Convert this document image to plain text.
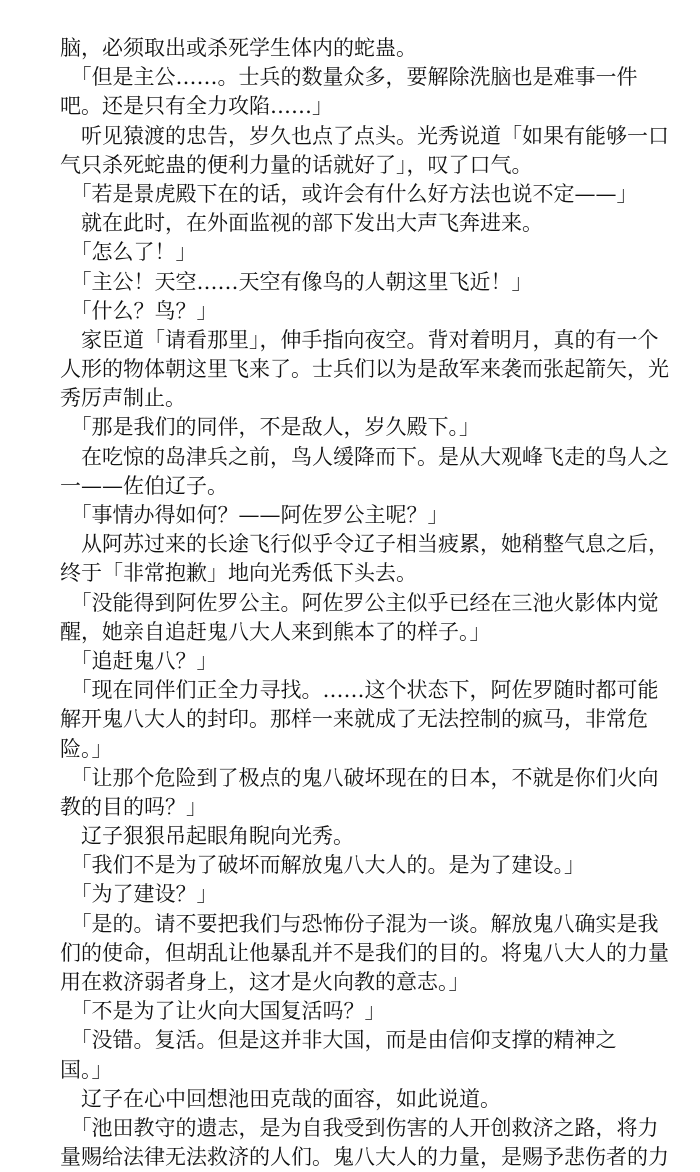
脑，必须取出或杀死学生体内的蛇蛊。
　「但是主公……。士兵的数量众多，要解除洗脑也是难事一件
吧。还是只有全力攻陷……」
　听见猿渡的忠告，岁久也点了点头。光秀说道「如果有能够一口
气只杀死蛇蛊的便利力量的话就好了」，叹了口气。
　「若是景虎殿下在的话，或许会有什么好方法也说不定——」
　就在此时，在外面监视的部下发出大声飞奔进来。
　「怎么了！」
　「主公！天空……天空有像鸟的人朝这里飞近！」
　「什么？鸟？」
　家臣道「请看那里」，伸手指向夜空。背对着明月，真的有一个
人形的物体朝这里飞来了。士兵们以为是敌军来袭而张起箭矢，光
秀厉声制止。
　「那是我们的同伴，不是敌人，岁久殿下。」
　在吃惊的岛津兵之前，鸟人缓降而下。是从大观峰飞走的鸟人之
一——佐伯辽子。
　「事情办得如何？——阿佐罗公主呢？」
　从阿苏过来的长途飞行似乎令辽子相当疲累，她稍整气息之后，
终于「非常抱歉」地向光秀低下头去。
　「没能得到阿佐罗公主。阿佐罗公主似乎已经在三池火影体内觉
醒，她亲自追赶鬼八大人来到熊本了的样子。」
　「追赶鬼八？」
　「现在同伴们正全力寻找。……这个状态下，阿佐罗随时都可能
解开鬼八大人的封印。那样一来就成了无法控制的疯马，非常危
险。」
　「让那个危险到了极点的鬼八破坏现在的日本，不就是你们火向
教的目的吗？」
　辽子狠狠吊起眼角睨向光秀。
　「我们不是为了破坏而解放鬼八大人的。是为了建设。」
　「为了建设？」
　「是的。请不要把我们与恐怖份子混为一谈。解放鬼八确实是我
们的使命，但胡乱让他暴乱并不是我们的目的。将鬼八大人的力量
用在救济弱者身上，这才是火向教的意志。」
　「不是为了让火向大国复活吗？」
　「没错。复活。但是这并非大国，而是由信仰支撑的精神之
国。」
　辽子在心中回想池田克哉的面容，如此说道。
　「池田教守的遗志，是为自我受到伤害的人开创救济之路，将力
量赐给法律无法救济的人们。鬼八大人的力量，是赐予悲伤者的力
